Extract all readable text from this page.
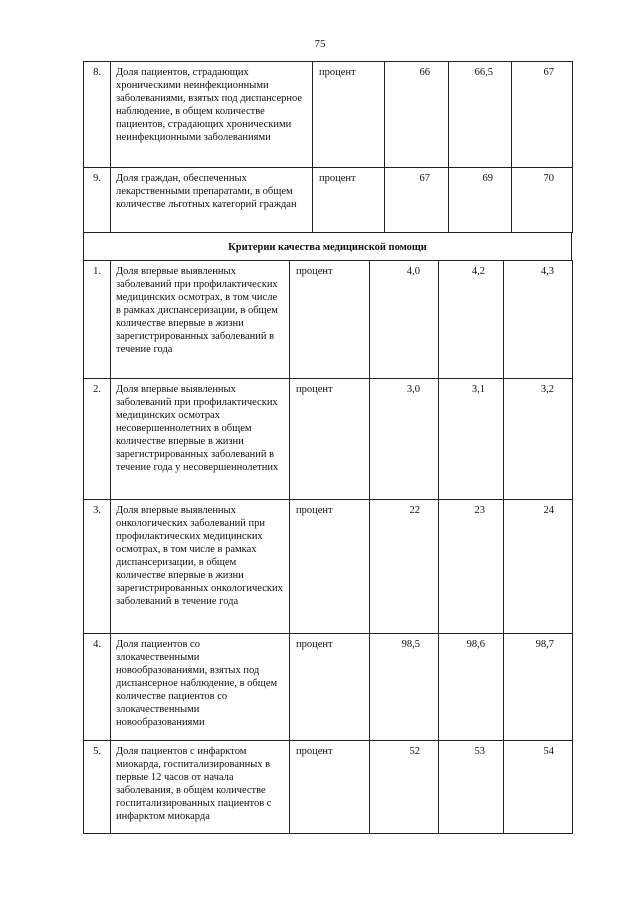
75
8.	Доля пациентов, страдающих хроническими неинфекционными заболеваниями, взятых под диспансерное наблюдение, в общем количестве пациентов, страдающих хроническими неинфекционными заболеваниями	процент	66	66,5	67
9.	Доля граждан, обеспеченных лекарственными препаратами, в общем количестве льготных категорий граждан	процент	67	69	70
Критерии качества медицинской помощи
1.	Доля впервые выявленных заболеваний при профилактических медицинских осмотрах, в том числе в рамках диспансеризации, в общем количестве впервые в жизни зарегистрированных заболеваний в течение года	процент	4,0	4,2	4,3
2.	Доля впервые выявленных заболеваний при профилактических медицинских осмотрах несовершеннолетних в общем количестве впервые в жизни зарегистрированных заболеваний в течение года у несовершеннолетних	процент	3,0	3,1	3,2
3.	Доля впервые выявленных онкологических заболеваний при профилактических медицинских осмотрах, в том числе в рамках диспансеризации, в общем количестве впервые в жизни зарегистрированных онкологических заболеваний в течение года	процент	22	23	24
4.	Доля пациентов со злокачественными новообразованиями, взятых под диспансерное наблюдение, в общем количестве пациентов со злокачественными новообразованиями	процент	98,5	98,6	98,7
5.	Доля пациентов с инфарктом миокарда, госпитализированных в первые 12 часов от начала заболевания, в общем количестве госпитализированных пациентов с инфарктом миокарда	процент	52	53	54
